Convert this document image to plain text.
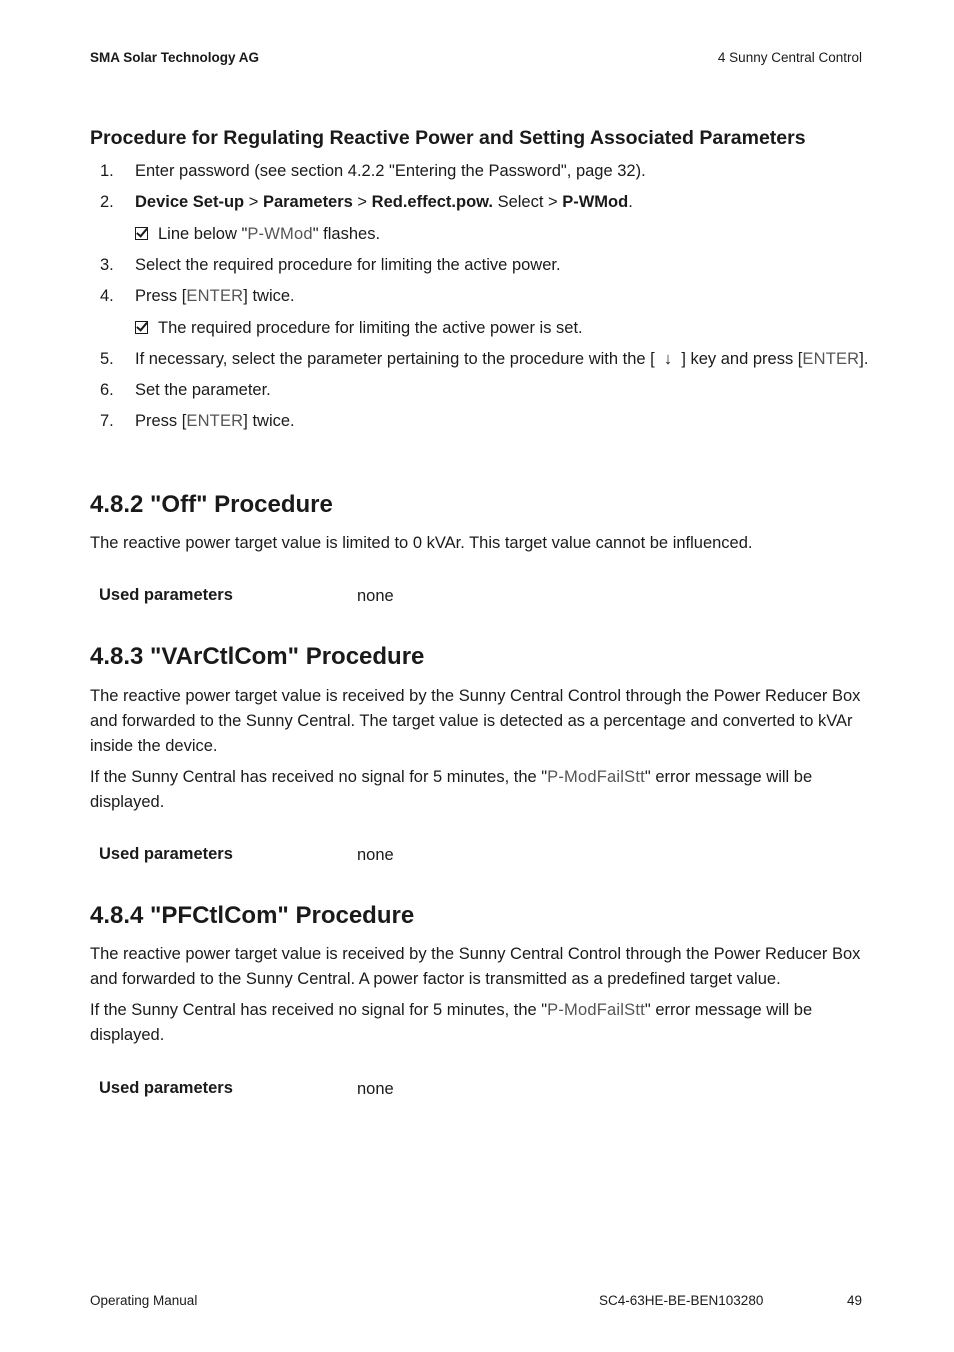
SMA Solar Technology AG	4 Sunny Central Control
Procedure for Regulating Reactive Power and Setting Associated Parameters
1.	Enter password (see section 4.2.2 "Entering the Password", page 32).
2.	Device Set-up > Parameters > Red.effect.pow. Select > P-WMod.
Line below "P-WMod" flashes.
3.	Select the required procedure for limiting the active power.
4.	Press [ENTER] twice.
The required procedure for limiting the active power is set.
5.	If necessary, select the parameter pertaining to the procedure with the [  ↓  ] key and press [ENTER].
6.	Set the parameter.
7.	Press [ENTER] twice.
4.8.2 "Off" Procedure

The reactive power target value is limited to 0 kVAr. This target value cannot be influenced.

Used parameters	none
4.8.3 "VArCtlCom" Procedure

The reactive power target value is received by the Sunny Central Control through the Power Reducer Box and forwarded to the Sunny Central. The target value is detected as a percentage and converted to kVAr inside the device.

If the Sunny Central has received no signal for 5 minutes, the "P-ModFailStt" error message will be displayed.

Used parameters	none
4.8.4 "PFCtlCom" Procedure

The reactive power target value is received by the Sunny Central Control through the Power Reducer Box and forwarded to the Sunny Central. A power factor is transmitted as a predefined target value.

If the Sunny Central has received no signal for 5 minutes, the "P-ModFailStt" error message will be displayed.

Used parameters	none
Operating Manual	SC4-63HE-BE-BEN103280	49
